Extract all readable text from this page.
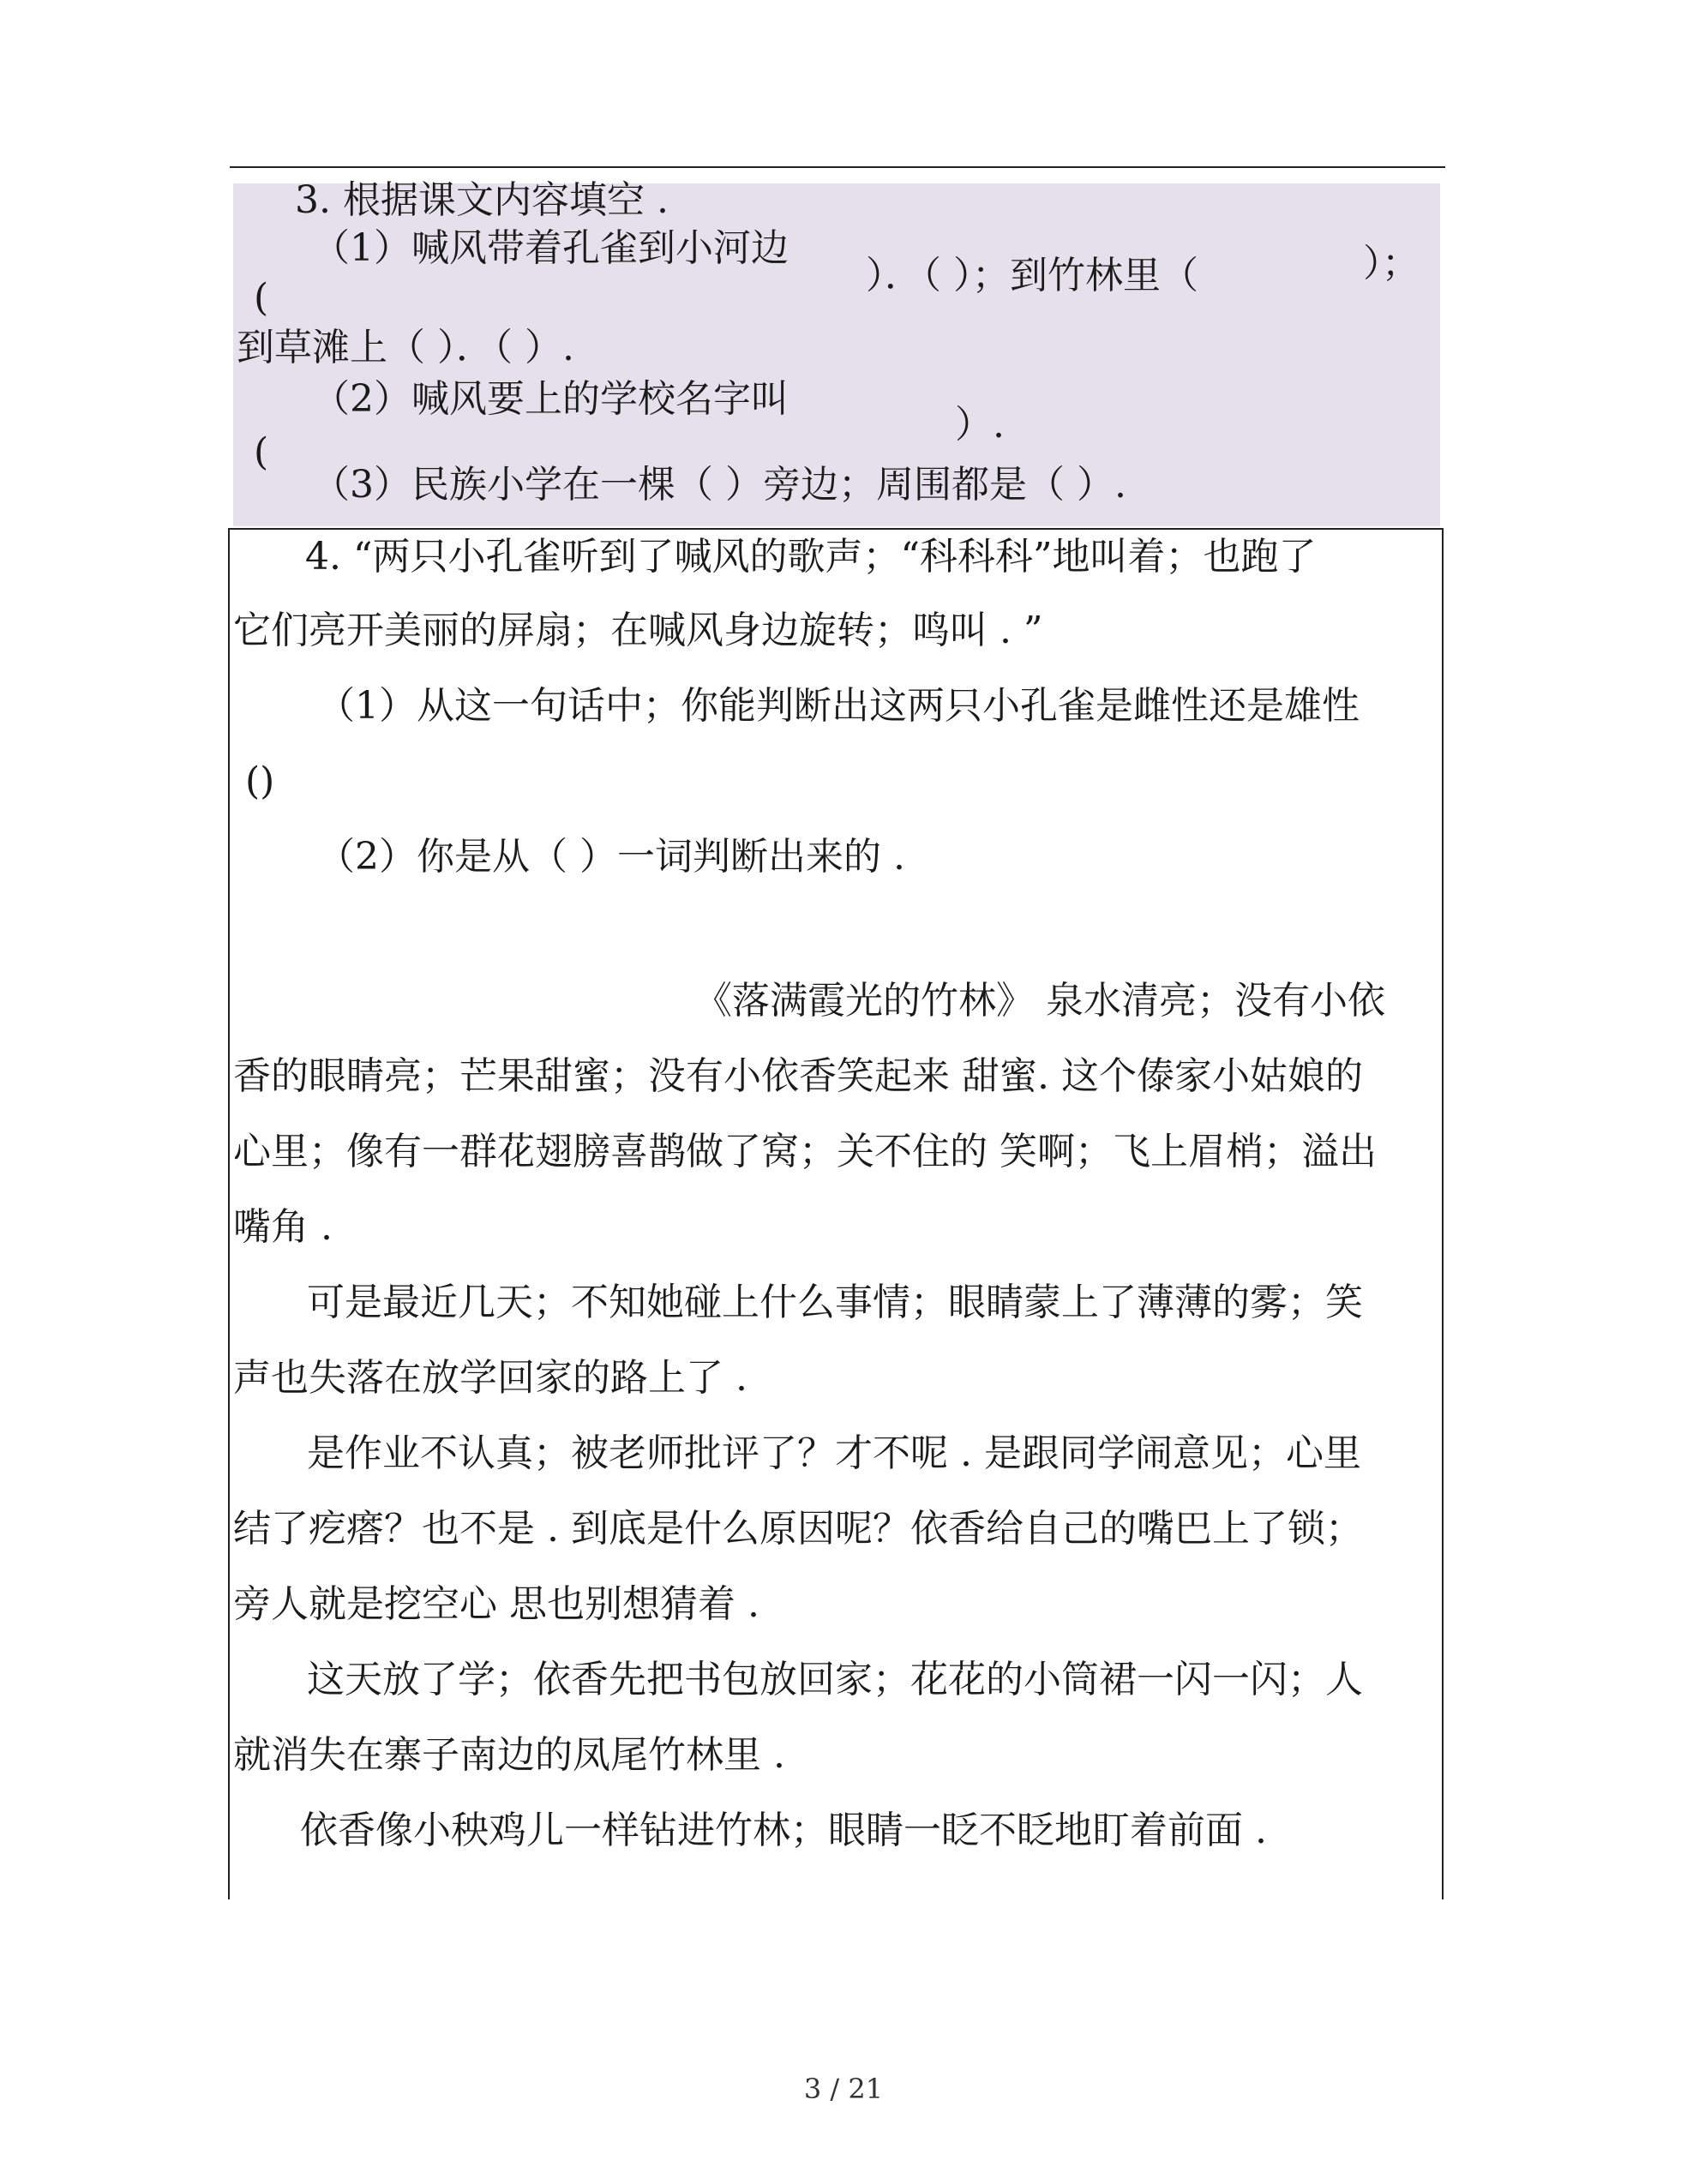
3. 根据课文内容填空 .
（1）喊风带着孔雀到小河边
(
）．（ ）；到竹林里（	）；
到草滩上（ ）．（ ）.
（2）喊风要上的学校名字叫
(
）.
（3）民族小学在一棵（ ）旁边；周围都是（ ）.
4. “两只小孔雀听到了喊风的歌声；“科科科”地叫着；也跑了
它们亮开美丽的屏扇；在喊风身边旋转；鸣叫 . ”
（1）从这一句话中；你能判断出这两只小孔雀是雌性还是雄性
()
（2）你是从（ ）一词判断出来的 .
《落满霞光的竹林》 泉水清亮；没有小依
香的眼睛亮；芒果甜蜜；没有小依香笑起来 甜蜜. 这个傣家小姑娘的
心里；像有一群花翅膀喜鹊做了窝；关不住的 笑啊；飞上眉梢；溢出
嘴角 .
可是最近几天；不知她碰上什么事情；眼睛蒙上了薄薄的雾；笑
声也失落在放学回家的路上了 .
是作业不认真；被老师批评了？才不呢 . 是跟同学闹意见；心里
结了疙瘩？也不是 . 到底是什么原因呢？依香给自己的嘴巴上了锁；
旁人就是挖空心 思也别想猜着 .
这天放了学；依香先把书包放回家；花花的小筒裙一闪一闪；人
就消失在寨子南边的凤尾竹林里 .
依香像小秧鸡儿一样钻进竹林；眼睛一眨不眨地盯着前面 .
3 / 21
